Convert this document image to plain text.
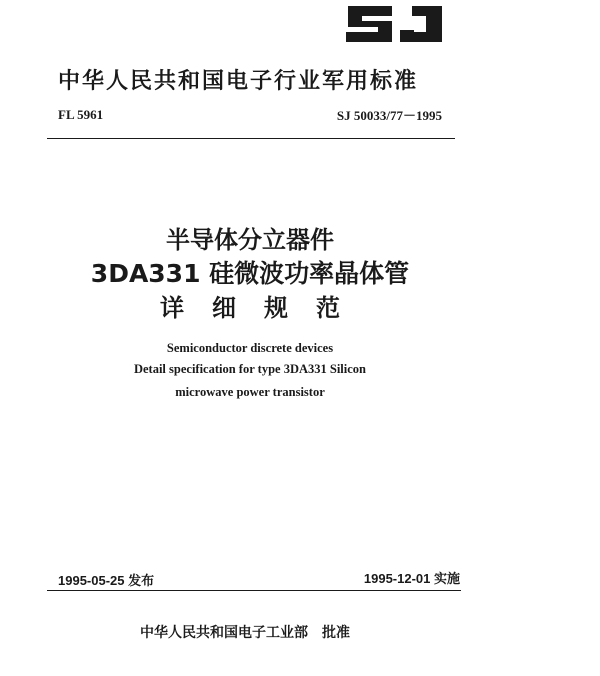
中华人民共和国电子行业军用标准
FL 5961	SJ 50033/77－1995
半导体分立器件
3DA331 硅微波功率晶体管
详细规范
Semiconductor discrete devices
Detail specification for type 3DA331 Silicon
microwave power transistor
1995-05-25 发布	1995-12-01 实施
中华人民共和国电子工业部 批准
